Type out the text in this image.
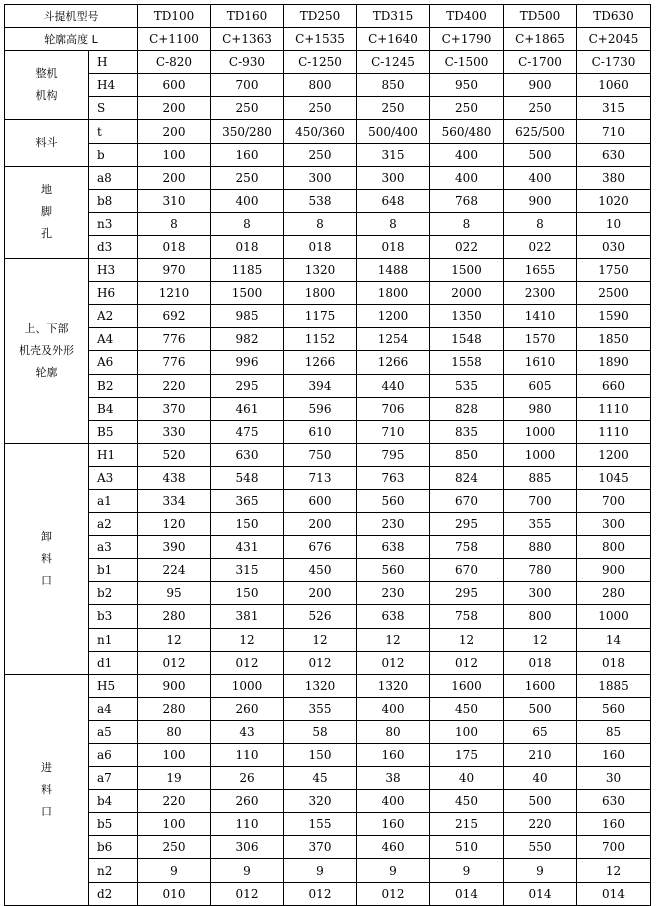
斗提机型号		TD100	TD160	TD250	TD315	TD400	TD500	TD630
轮廓高度 L		C+1100	C+1363	C+1535	C+1640	C+1790	C+1865	C+2045

整机
机构	H	C-820	C-930	C-1250	C-1245	C-1500	C-1700	C-1730
	H4	600	700	800	850	950	900	1060
	S	200	250	250	250	250	250	315

料斗	t	200	350/280	450/360	500/400	560/480	625/500	710
	b	100	160	250	315	400	500	630

地
脚
孔	a8	200	250	300	300	400	400	380
	b8	310	400	538	648	768	900	1020
	n3	8	8	8	8	8	8	10
	d3	018	018	018	018	022	022	030

上、下部
机壳及外形
轮廓	H3	970	1185	1320	1488	1500	1655	1750
	H6	1210	1500	1800	1800	2000	2300	2500
	A2	692	985	1175	1200	1350	1410	1590
	A4	776	982	1152	1254	1548	1570	1850
	A6	776	996	1266	1266	1558	1610	1890
	B2	220	295	394	440	535	605	660
	B4	370	461	596	706	828	980	1110
	B5	330	475	610	710	835	1000	1110

卸
料
口	H1	520	630	750	795	850	1000	1200
	A3	438	548	713	763	824	885	1045
	a1	334	365	600	560	670	700	700
	a2	120	150	200	230	295	355	300
	a3	390	431	676	638	758	880	800
	b1	224	315	450	560	670	780	900
	b2	95	150	200	230	295	300	280
	b3	280	381	526	638	758	800	1000
	n1	12	12	12	12	12	12	14
	d1	012	012	012	012	012	018	018

进
料
口	H5	900	1000	1320	1320	1600	1600	1885
	a4	280	260	355	400	450	500	560
	a5	80	43	58	80	100	65	85
	a6	100	110	150	160	175	210	160
	a7	19	26	45	38	40	40	30
	b4	220	260	320	400	450	500	630
	b5	100	110	155	160	215	220	160
	b6	250	306	370	460	510	550	700
	n2	9	9	9	9	9	9	12
	d2	010	012	012	012	014	014	014
